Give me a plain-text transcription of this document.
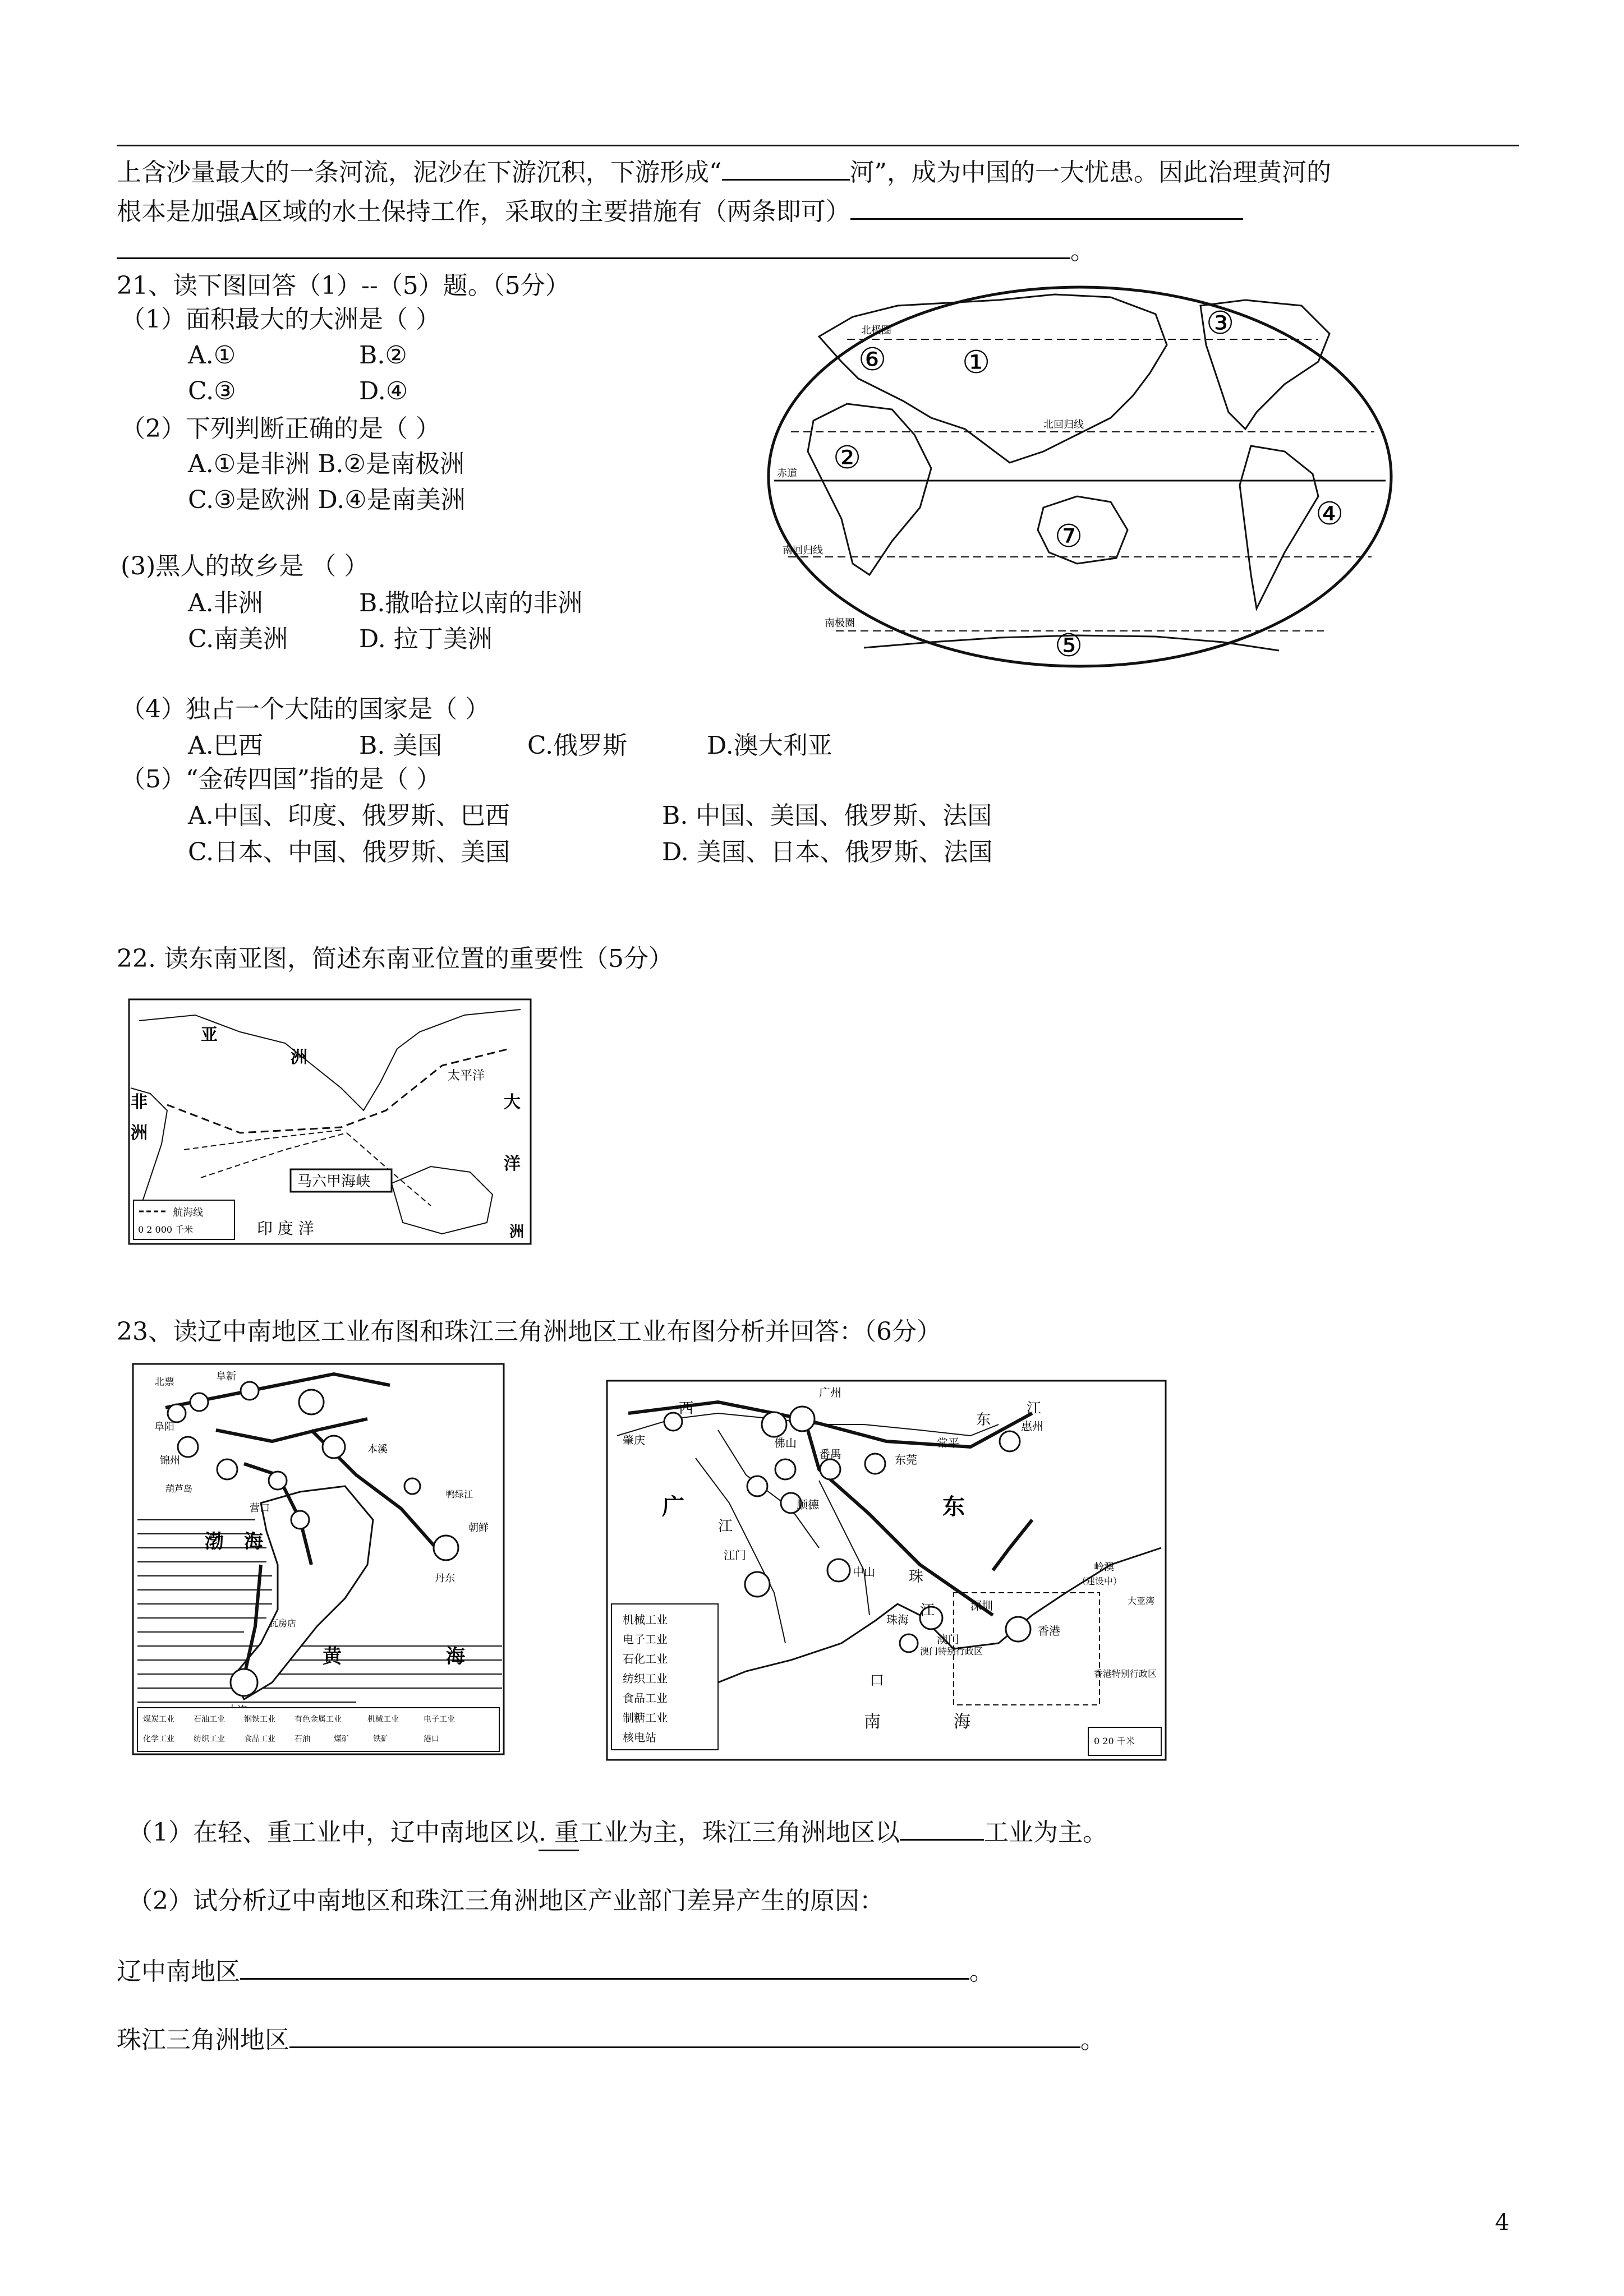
上含沙量最大的一条河流，泥沙在下游沉积，下游形成“	河”，成为中国的一大忧患。因此治理黄河的
根本是加强A区域的水土保持工作，采取的主要措施有（两条即可）
。
21、读下图回答（1）--（5）题。（5分）
（1）面积最大的大洲是（ ）
A.①	B.②
C.③	D.④
（2）下列判断正确的是（ ）
A.①是非洲 B.②是南极洲
C.③是欧洲 D.④是南美洲
(3)黑人的故乡是 （ ）
A.非洲	B.撒哈拉以南的非洲
C.南美洲	D. 拉丁美洲
（4）独占一个大陆的国家是（ ）
A.巴西	B. 美国	C.俄罗斯	D.澳大利亚
（5）“金砖四国”指的是（ ）
A.中国、印度、俄罗斯、巴西	B. 中国、美国、俄罗斯、法国
C.日本、中国、俄罗斯、美国	D. 美国、日本、俄罗斯、法国
北极圈
北回归线
赤道
南回归线
南极圈
①
②
③
④
⑤
⑥
⑦
22. 读东南亚图，简述东南亚位置的重要性（5分）
亚
洲
非
洲
太平洋
大
洋
洲
印 度 洋
马六甲海峡
航海线
0 2 000 千米
23、读辽中南地区工业布图和珠江三角洲地区工业布图分析并回答：（6分）
阜新
北票
阜阳
锦州
葫芦岛
营口
瓦房店
本溪
丹东
朝鲜
鸭绿江
渤 海
黄	海
煤炭工业 石油工业 钢铁工业 有色金属工业	机械工业	电子工业
化学工业 纺织工业 食品工业 石油	煤矿	铁矿	港口
广州
佛山
肇庆
番禺	东莞
常平
惠州
顺德
江门
中山
深圳
珠海
澳门
香港
广	东
西
江
东
江
珠
江
口
南	海
岭澳
（建设中）
大亚湾
澳门特别行政区
香港特别行政区
机械工业
电子工业
石化工业
纺织工业
食品工业
制糖工业
核电站	0 20 千米
（1）在轻、重工业中，辽中南地区以. 重工业为主，珠江三角洲地区以	工业为主。
（2）试分析辽中南地区和珠江三角洲地区产业部门差异产生的原因：
辽中南地区	。
珠江三角洲地区	。
4
